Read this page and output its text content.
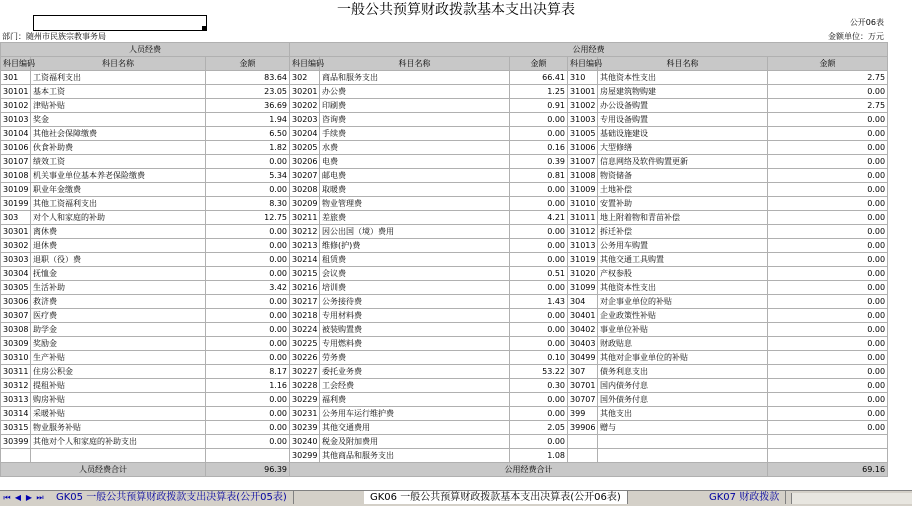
一般公共预算财政拨款基本支出决算表
公开06表
部门：随州市民族宗教事务局	金额单位：万元
人员经费			公用经费					
科目编码	科目名称	金额	科目编码	科目名称	金额	科目编码	科目名称	金额
301	工资福利支出	83.64	302	商品和服务支出	66.41	310	其他资本性支出	2.75
30101	基本工资	23.05	30201	办公费	1.25	31001	房屋建筑物购建	0.00
30102	津贴补贴	36.69	30202	印刷费	0.91	31002	办公设备购置	2.75
30103	奖金	1.94	30203	咨询费	0.00	31003	专用设备购置	0.00
30104	其他社会保障缴费	6.50	30204	手续费	0.00	31005	基础设施建设	0.00
30106	伙食补助费	1.82	30205	水费	0.16	31006	大型修缮	0.00
30107	绩效工资	0.00	30206	电费	0.39	31007	信息网络及软件购置更新	0.00
30108	机关事业单位基本养老保险缴费	5.34	30207	邮电费	0.81	31008	物资储备	0.00
30109	职业年金缴费	0.00	30208	取暖费	0.00	31009	土地补偿	0.00
30199	其他工资福利支出	8.30	30209	物业管理费	0.00	31010	安置补助	0.00
303	对个人和家庭的补助	12.75	30211	差旅费	4.21	31011	地上附着物和青苗补偿	0.00
30301	离休费	0.00	30212	因公出国（境）费用	0.00	31012	拆迁补偿	0.00
30302	退休费	0.00	30213	维修(护)费	0.00	31013	公务用车购置	0.00
30303	退职（役）费	0.00	30214	租赁费	0.00	31019	其他交通工具购置	0.00
30304	抚恤金	0.00	30215	会议费	0.51	31020	产权参股	0.00
30305	生活补助	3.42	30216	培训费	0.00	31099	其他资本性支出	0.00
30306	救济费	0.00	30217	公务接待费	1.43	304	对企事业单位的补贴	0.00
30307	医疗费	0.00	30218	专用材料费	0.00	30401	企业政策性补贴	0.00
30308	助学金	0.00	30224	被装购置费	0.00	30402	事业单位补贴	0.00
30309	奖励金	0.00	30225	专用燃料费	0.00	30403	财政贴息	0.00
30310	生产补贴	0.00	30226	劳务费	0.10	30499	其他对企事业单位的补贴	0.00
30311	住房公积金	8.17	30227	委托业务费	53.22	307	债务利息支出	0.00
30312	提租补贴	1.16	30228	工会经费	0.30	30701	国内债务付息	0.00
30313	购房补贴	0.00	30229	福利费	0.00	30707	国外债务付息	0.00
30314	采暖补贴	0.00	30231	公务用车运行维护费	0.00	399	其他支出	0.00
30315	物业服务补贴	0.00	30239	其他交通费用	2.05	39906	赠与	0.00
30399	其他对个人和家庭的补助支出	0.00	30240	税金及附加费用	0.00			
			30299	其他商品和服务支出	1.08			
人员经费合计		96.39	公用经费合计					69.16
⏮ ◀ ▶ ⏭	GK05 一般公共预算财政拨款支出决算表(公开05表)	GK06 一般公共预算财政拨款基本支出决算表(公开06表)	GK07 财政拨款
